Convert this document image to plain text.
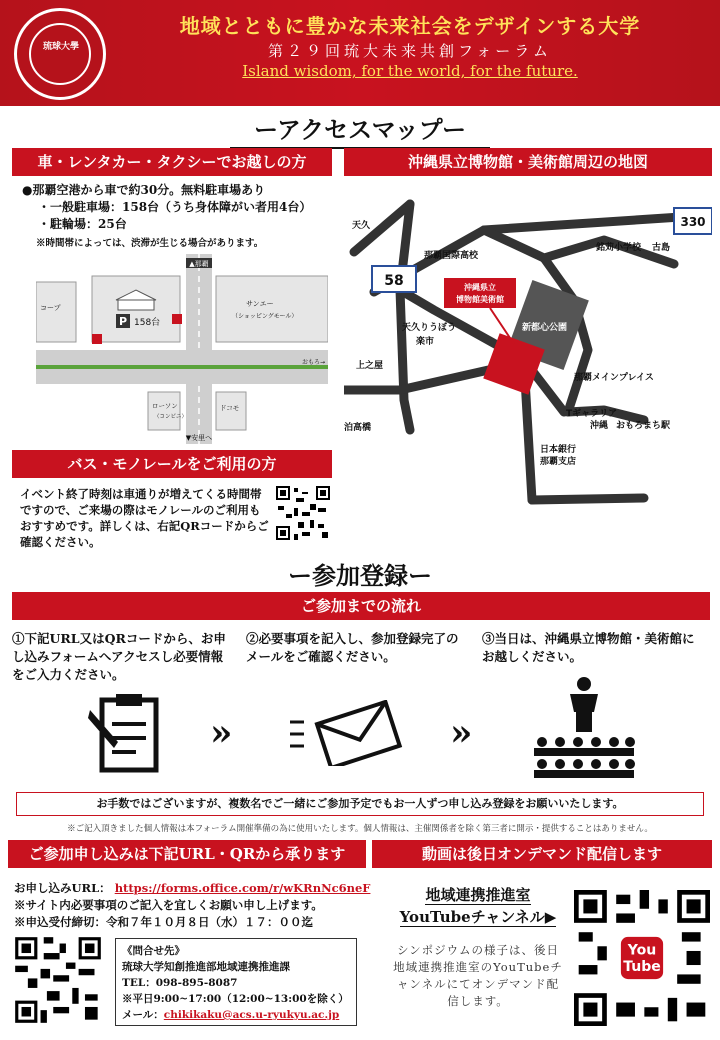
琉球大學
地域とともに豊かな未来社会をデザインする大学
第２９回琉大未来共創フォーラム
Island wisdom, for the world, for the future.
ーアクセスマップー
車・レンタカー・タクシーでお越しの方
●那覇空港から車で約30分。無料駐車場あり
・一般駐車場：158台（うち身体障がい者用4台）
・駐輪場：25台
※時間帯によっては、渋滞が生じる場合があります。
P 158台
▲那覇
▼安里へ
コープ	サンエー
（ショッピングモール）
ローソン
（コンビニ）
ドコモ
おもろ→
バス・モノレールをご利用の方
イベント終了時刻は車通りが増えてくる時間帯ですので、ご来場の際はモノレールのご利用もおすすめです。詳しくは、右記QRコードからご確認ください。
沖縄県立博物館・美術館周辺の地図
沖縄県立
博物館美術館
58
330
天久
那覇国際高校
銘苅小学校 古島
天久りうぼう
楽市
新都心公園
上之屋
那覇メインプレイス
Tギャラリア
沖縄 おもろまち駅
泊高橋
日本銀行
那覇支店
ー参加登録ー
ご参加までの流れ
①下記URL又はQRコードから、お申し込みフォームへアクセスし必要情報をご入力ください。
②必要事項を記入し、参加登録完了のメールをご確認ください。
③当日は、沖縄県立博物館・美術館にお越しください。
»	»
お手数ではございますが、複数名でご一緒にご参加予定でもお一人ずつ申し込み登録をお願いいたします。
※ご記入頂きました個人情報は本フォーラム開催準備の為に使用いたします。個人情報は、主催関係者を除く第三者に開示・提供することはありません。
ご参加申し込みは下記URL・QRから承ります
お申し込みURL： https://forms.office.com/r/wKRnNc6neF
※サイト内必要事項のご記入を宜しくお願い申し上げます。
※申込受付締切：令和７年１０月８日（水）１７：００迄
《問合せ先》
琉球大学知創推進部地域連携推進課
TEL：098-895-8087
※平日9:00~17:00（12:00~13:00を除く）
メール：chikikaku@acs.u-ryukyu.ac.jp
動画は後日オンデマンド配信します
地域連携推進室
YouTubeチャンネル▶
シンポジウムの様子は、後日地域連携推進室のYouTubeチャンネルにてオンデマンド配信します。
You
Tube
